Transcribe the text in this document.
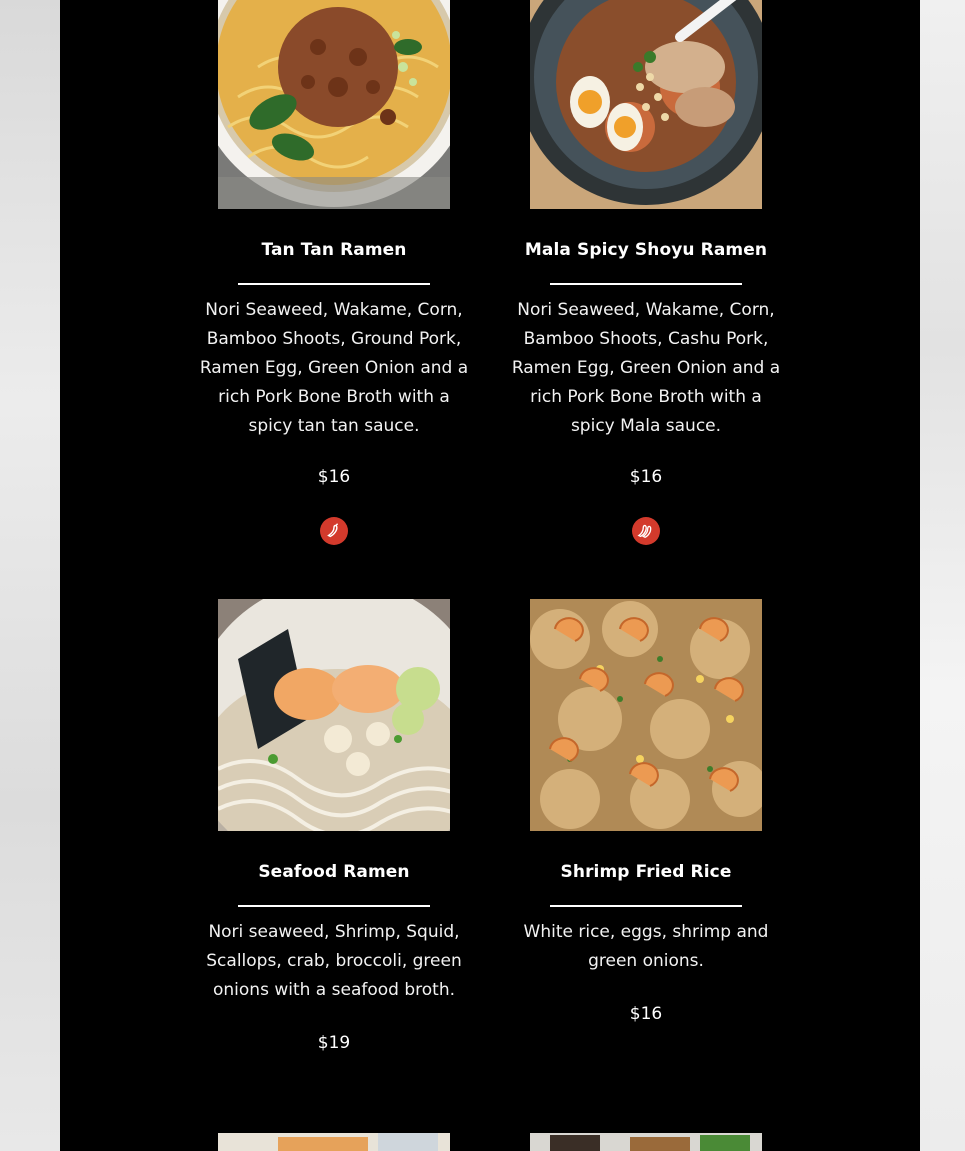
Tan Tan Ramen
Nori Seaweed, Wakame, Corn,
Bamboo Shoots, Ground Pork,
Ramen Egg, Green Onion and a
rich Pork Bone Broth with a
spicy tan tan sauce.
$16
Mala Spicy Shoyu Ramen
Nori Seaweed, Wakame, Corn,
Bamboo Shoots, Cashu Pork,
Ramen Egg, Green Onion and a
rich Pork Bone Broth with a
spicy Mala sauce.
$16
Seafood Ramen
Nori seaweed, Shrimp, Squid,
Scallops, crab, broccoli, green
onions with a seafood broth.
$19
Shrimp Fried Rice
White rice, eggs, shrimp and
green onions.
$16
